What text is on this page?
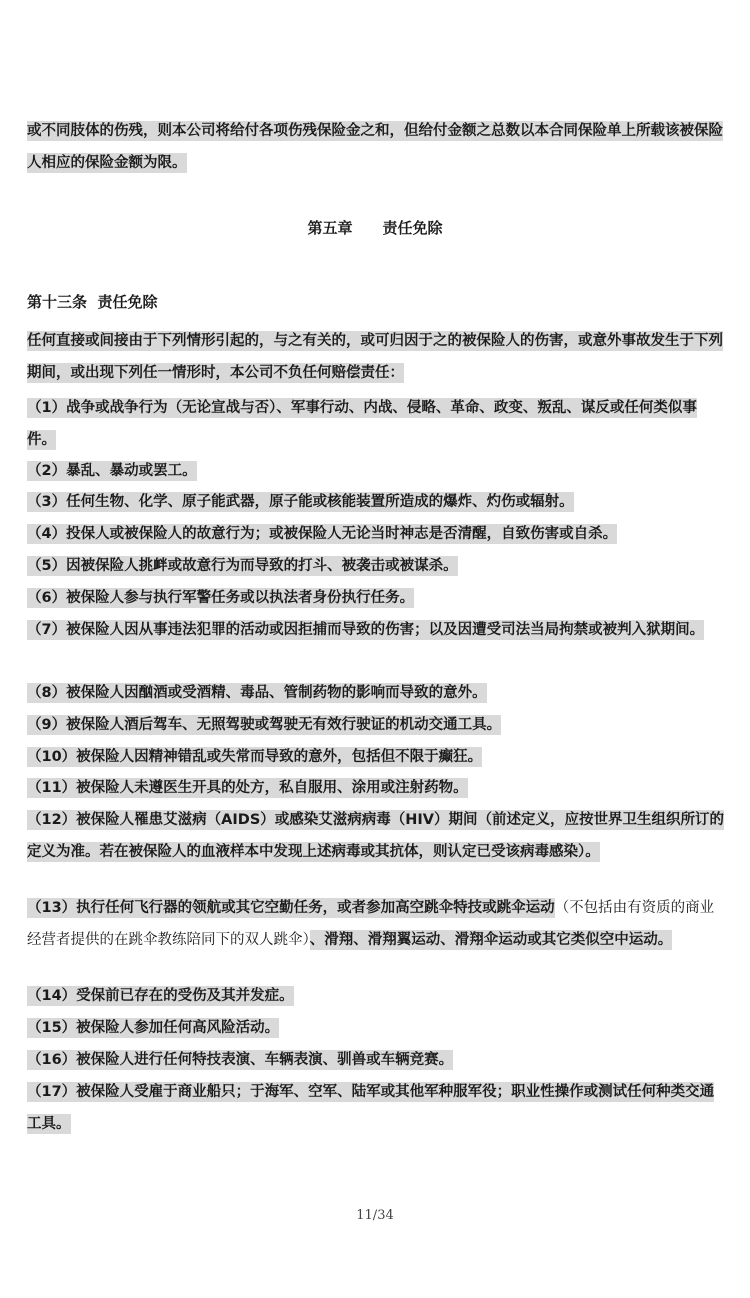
或不同肢体的伤残，则本公司将给付各项伤残保险金之和，但给付金额之总数以本合同保险单上所载该被保险人相应的保险金额为限。

第五章 责任免除
第十三条  责任免除

任何直接或间接由于下列情形引起的，与之有关的，或可归因于之的被保险人的伤害，或意外事故发生于下列期间，或出现下列任一情形时，本公司不负任何赔偿责任：

（1）战争或战争行为（无论宣战与否）、军事行动、内战、侵略、革命、政变、叛乱、谋反或任何类似事件。

（2）暴乱、暴动或罢工。

（3）任何生物、化学、原子能武器，原子能或核能装置所造成的爆炸、灼伤或辐射。

（4）投保人或被保险人的故意行为；或被保险人无论当时神志是否清醒，自致伤害或自杀。

（5）因被保险人挑衅或故意行为而导致的打斗、被袭击或被谋杀。

（6）被保险人参与执行军警任务或以执法者身份执行任务。

（7）被保险人因从事违法犯罪的活动或因拒捕而导致的伤害；以及因遭受司法当局拘禁或被判入狱期间。

（8）被保险人因酗酒或受酒精、毒品、管制药物的影响而导致的意外。

（9）被保险人酒后驾车、无照驾驶或驾驶无有效行驶证的机动交通工具。

（10）被保险人因精神错乱或失常而导致的意外，包括但不限于癫狂。

（11）被保险人未遵医生开具的处方，私自服用、涂用或注射药物。

（12）被保险人罹患艾滋病（AIDS）或感染艾滋病病毒（HIV）期间（前述定义，应按世界卫生组织所订的定义为准。若在被保险人的血液样本中发现上述病毒或其抗体，则认定已受该病毒感染）。

（13）执行任何飞行器的领航或其它空勤任务，或者参加高空跳伞特技或跳伞运动（不包括由有资质的商业经营者提供的在跳伞教练陪同下的双人跳伞）、滑翔、滑翔翼运动、滑翔伞运动或其它类似空中运动。

（14）受保前已存在的受伤及其并发症。

（15）被保险人参加任何高风险活动。

（16）被保险人进行任何特技表演、车辆表演、驯兽或车辆竞赛。

（17）被保险人受雇于商业船只；于海军、空军、陆军或其他军种服军役；职业性操作或测试任何种类交通工具。

11/34
